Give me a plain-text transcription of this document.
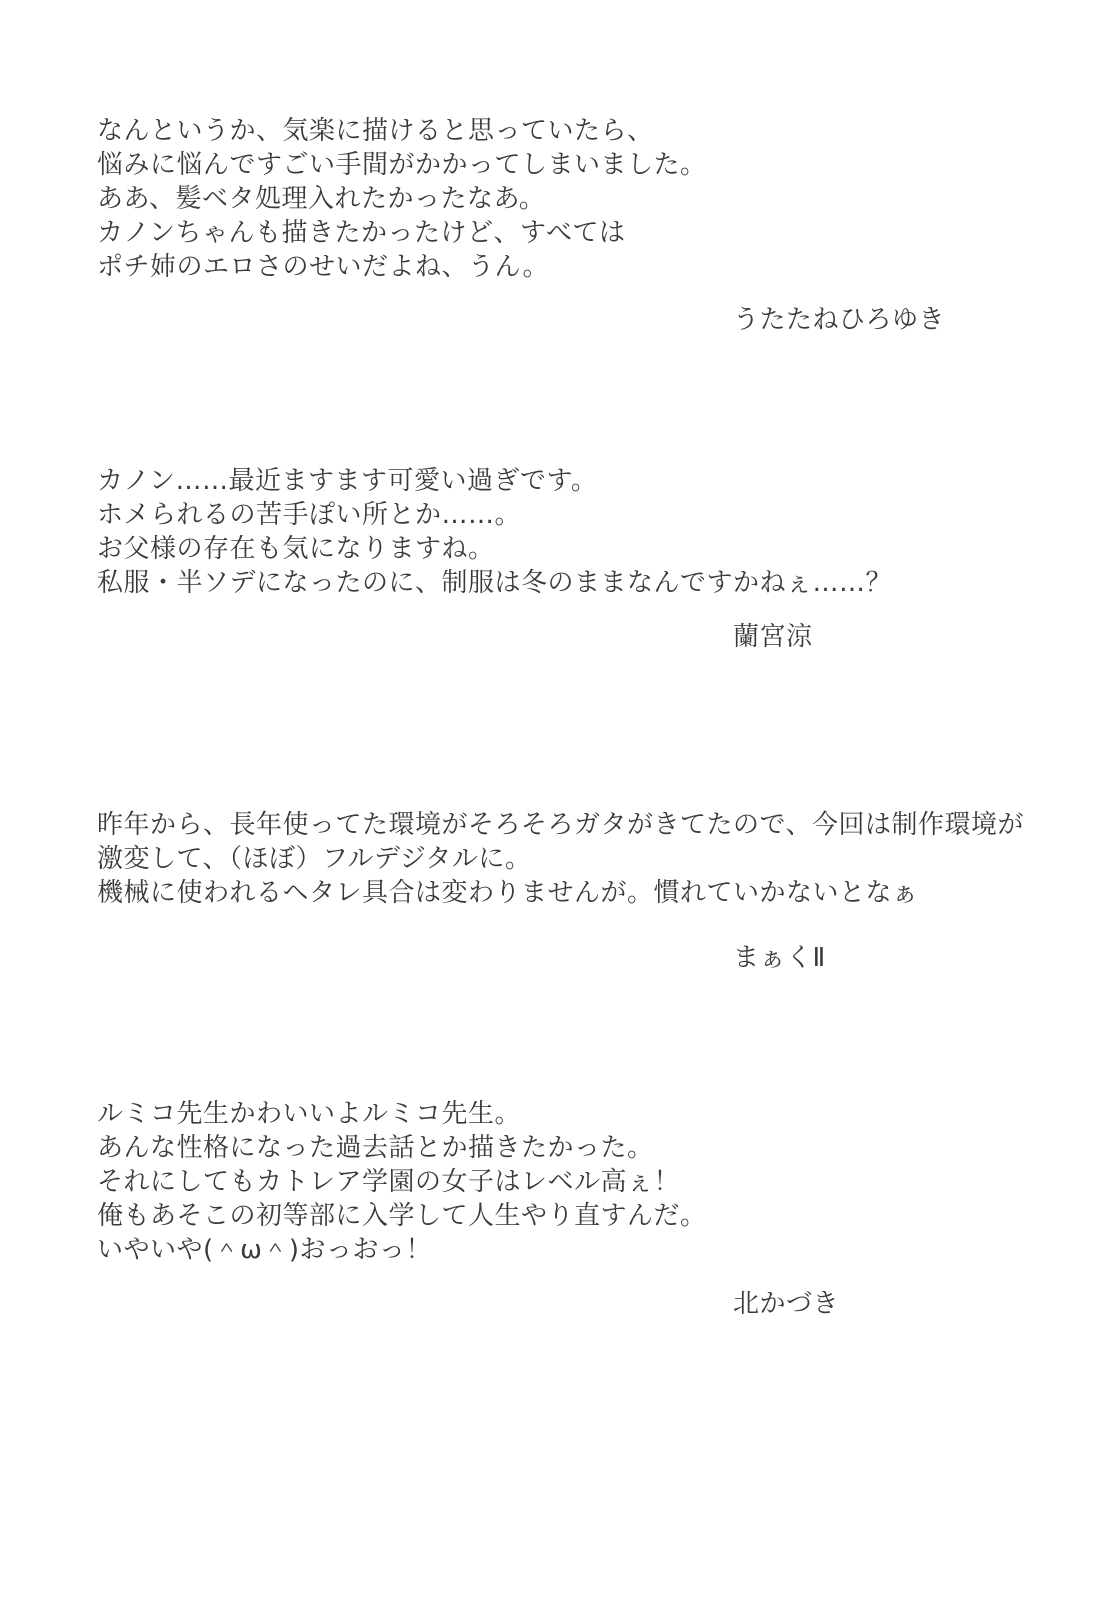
なんというか、気楽に描けると思っていたら、
悩みに悩んですごい手間がかかってしまいました。
ああ、髪ベタ処理入れたかったなあ。
カノンちゃんも描きたかったけど、すべては
ポチ姉のエロさのせいだよね、うん。
うたたねひろゆき
カノン……最近ますます可愛い過ぎです。
ホメられるの苦手ぽい所とか……。
お父様の存在も気になりますね。
私服・半ソデになったのに、制服は冬のままなんですかねぇ……？
蘭宮涼
昨年から、長年使ってた環境がそろそろガタがきてたので、今回は制作環境が
激変して、（ほぼ）フルデジタルに。
機械に使われるヘタレ具合は変わりませんが。慣れていかないとなぁ
まぁくⅡ
ルミコ先生かわいいよルミコ先生。
あんな性格になった過去話とか描きたかった。
それにしてもカトレア学園の女子はレベル高ぇ！
俺もあそこの初等部に入学して人生やり直すんだ。
いやいや(＾ω＾)おっおっ！
北かづき
